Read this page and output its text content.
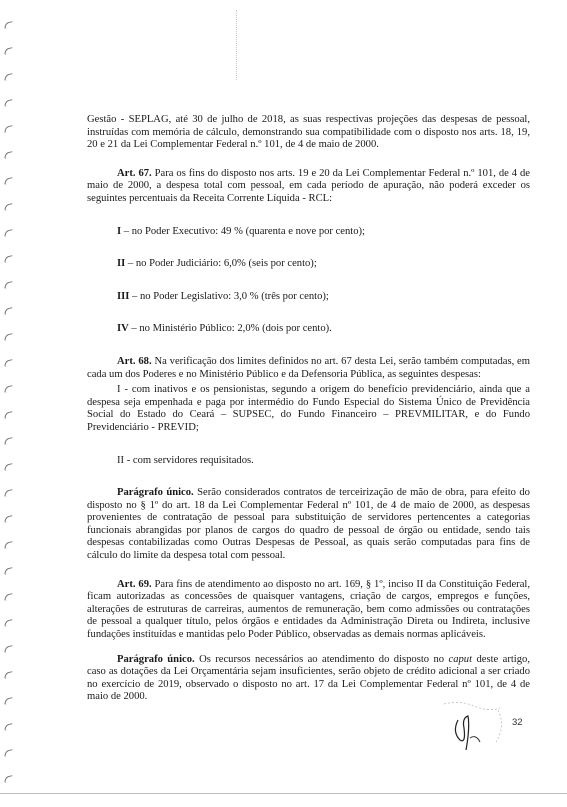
Gestão - SEPLAG, até 30 de julho de 2018, as suas respectivas projeções das despesas de pessoal, instruídas com memória de cálculo, demonstrando sua compatibilidade com o disposto nos arts. 18, 19, 20 e 21 da Lei Complementar Federal n.º 101, de 4 de maio de 2000.

Art. 67. Para os fins do disposto nos arts. 19 e 20 da Lei Complementar Federal n.º 101, de 4 de maio de 2000, a despesa total com pessoal, em cada período de apuração, não poderá exceder os seguintes percentuais da Receita Corrente Líquida - RCL:

I – no Poder Executivo: 49 % (quarenta e nove por cento);

II – no Poder Judiciário: 6,0% (seis por cento);

III – no Poder Legislativo: 3,0 % (três por cento);

IV – no Ministério Público: 2,0% (dois por cento).

Art. 68. Na verificação dos limites definidos no art. 67 desta Lei, serão também computadas, em cada um dos Poderes e no Ministério Público e da Defensoria Pública, as seguintes despesas:

I - com inativos e os pensionistas, segundo a origem do benefício previdenciário, ainda que a despesa seja empenhada e paga por intermédio do Fundo Especial do Sistema Único de Previdência Social do Estado do Ceará – SUPSEC, do Fundo Financeiro – PREVMILITAR, e do Fundo Previdenciário - PREVID;

II - com servidores requisitados.

Parágrafo único. Serão considerados contratos de terceirização de mão de obra, para efeito do disposto no § 1º do art. 18 da Lei Complementar Federal nº 101, de 4 de maio de 2000, as despesas provenientes de contratação de pessoal para substituição de servidores pertencentes a categorias funcionais abrangidas por planos de cargos do quadro de pessoal de órgão ou entidade, sendo tais despesas contabilizadas como Outras Despesas de Pessoal, as quais serão computadas para fins de cálculo do limite da despesa total com pessoal.

Art. 69. Para fins de atendimento ao disposto no art. 169, § 1º, inciso II da Constituição Federal, ficam autorizadas as concessões de quaisquer vantagens, criação de cargos, empregos e funções, alterações de estruturas de carreiras, aumentos de remuneração, bem como admissões ou contratações de pessoal a qualquer título, pelos órgãos e entidades da Administração Direta ou Indireta, inclusive fundações instituídas e mantidas pelo Poder Público, observadas as demais normas aplicáveis.

Parágrafo único. Os recursos necessários ao atendimento do disposto no caput deste artigo, caso as dotações da Lei Orçamentária sejam insuficientes, serão objeto de crédito adicional a ser criado no exercício de 2019, observado o disposto no art. 17 da Lei Complementar Federal nº 101, de 4 de maio de 2000.

32
